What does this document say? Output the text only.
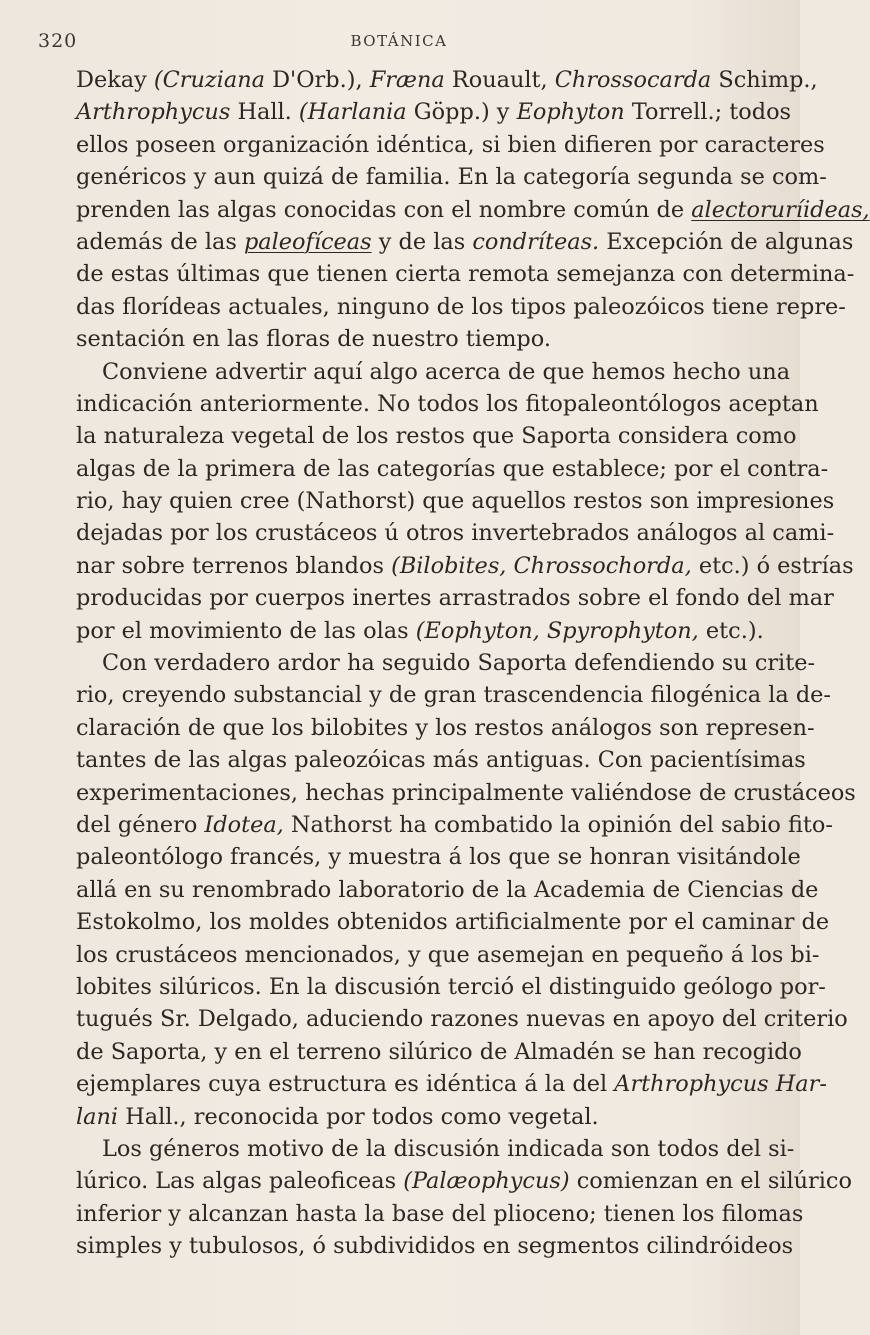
320	BOTÁNICA
Dekay (Cruziana D'Orb.), Fræna Rouault, Chrossocarda Schimp.,
Arthrophycus Hall. (Harlania Göpp.) y Eophyton Torrell.; todos
ellos poseen organización idéntica, si bien difieren por caracteres
genéricos y aun quizá de familia. En la categoría segunda se com-
prenden las algas conocidas con el nombre común de alectoruríideas,
además de las paleofíceas y de las condríteas. Excepción de algunas
de estas últimas que tienen cierta remota semejanza con determina-
das florídeas actuales, ninguno de los tipos paleozóicos tiene repre-
sentación en las floras de nuestro tiempo.
Conviene advertir aquí algo acerca de que hemos hecho una
indicación anteriormente. No todos los fitopaleontólogos aceptan
la naturaleza vegetal de los restos que Saporta considera como
algas de la primera de las categorías que establece; por el contra-
rio, hay quien cree (Nathorst) que aquellos restos son impresiones
dejadas por los crustáceos ú otros invertebrados análogos al cami-
nar sobre terrenos blandos (Bilobites, Chrossochorda, etc.) ó estrías
producidas por cuerpos inertes arrastrados sobre el fondo del mar
por el movimiento de las olas (Eophyton, Spyrophyton, etc.).
Con verdadero ardor ha seguido Saporta defendiendo su crite-
rio, creyendo substancial y de gran trascendencia filogénica la de-
claración de que los bilobites y los restos análogos son represen-
tantes de las algas paleozóicas más antiguas. Con pacientísimas
experimentaciones, hechas principalmente valiéndose de crustáceos
del género Idotea, Nathorst ha combatido la opinión del sabio fito-
paleontólogo francés, y muestra á los que se honran visitándole
allá en su renombrado laboratorio de la Academia de Ciencias de
Estokolmo, los moldes obtenidos artificialmente por el caminar de
los crustáceos mencionados, y que asemejan en pequeño á los bi-
lobites silúricos. En la discusión terció el distinguido geólogo por-
tugués Sr. Delgado, aduciendo razones nuevas en apoyo del criterio
de Saporta, y en el terreno silúrico de Almadén se han recogido
ejemplares cuya estructura es idéntica á la del Arthrophycus Har-
lani Hall., reconocida por todos como vegetal.
Los géneros motivo de la discusión indicada son todos del si-
lúrico. Las algas paleoficeas (Palæophycus) comienzan en el silúrico
inferior y alcanzan hasta la base del plioceno; tienen los filomas
simples y tubulosos, ó subdivididos en segmentos cilindróideos
